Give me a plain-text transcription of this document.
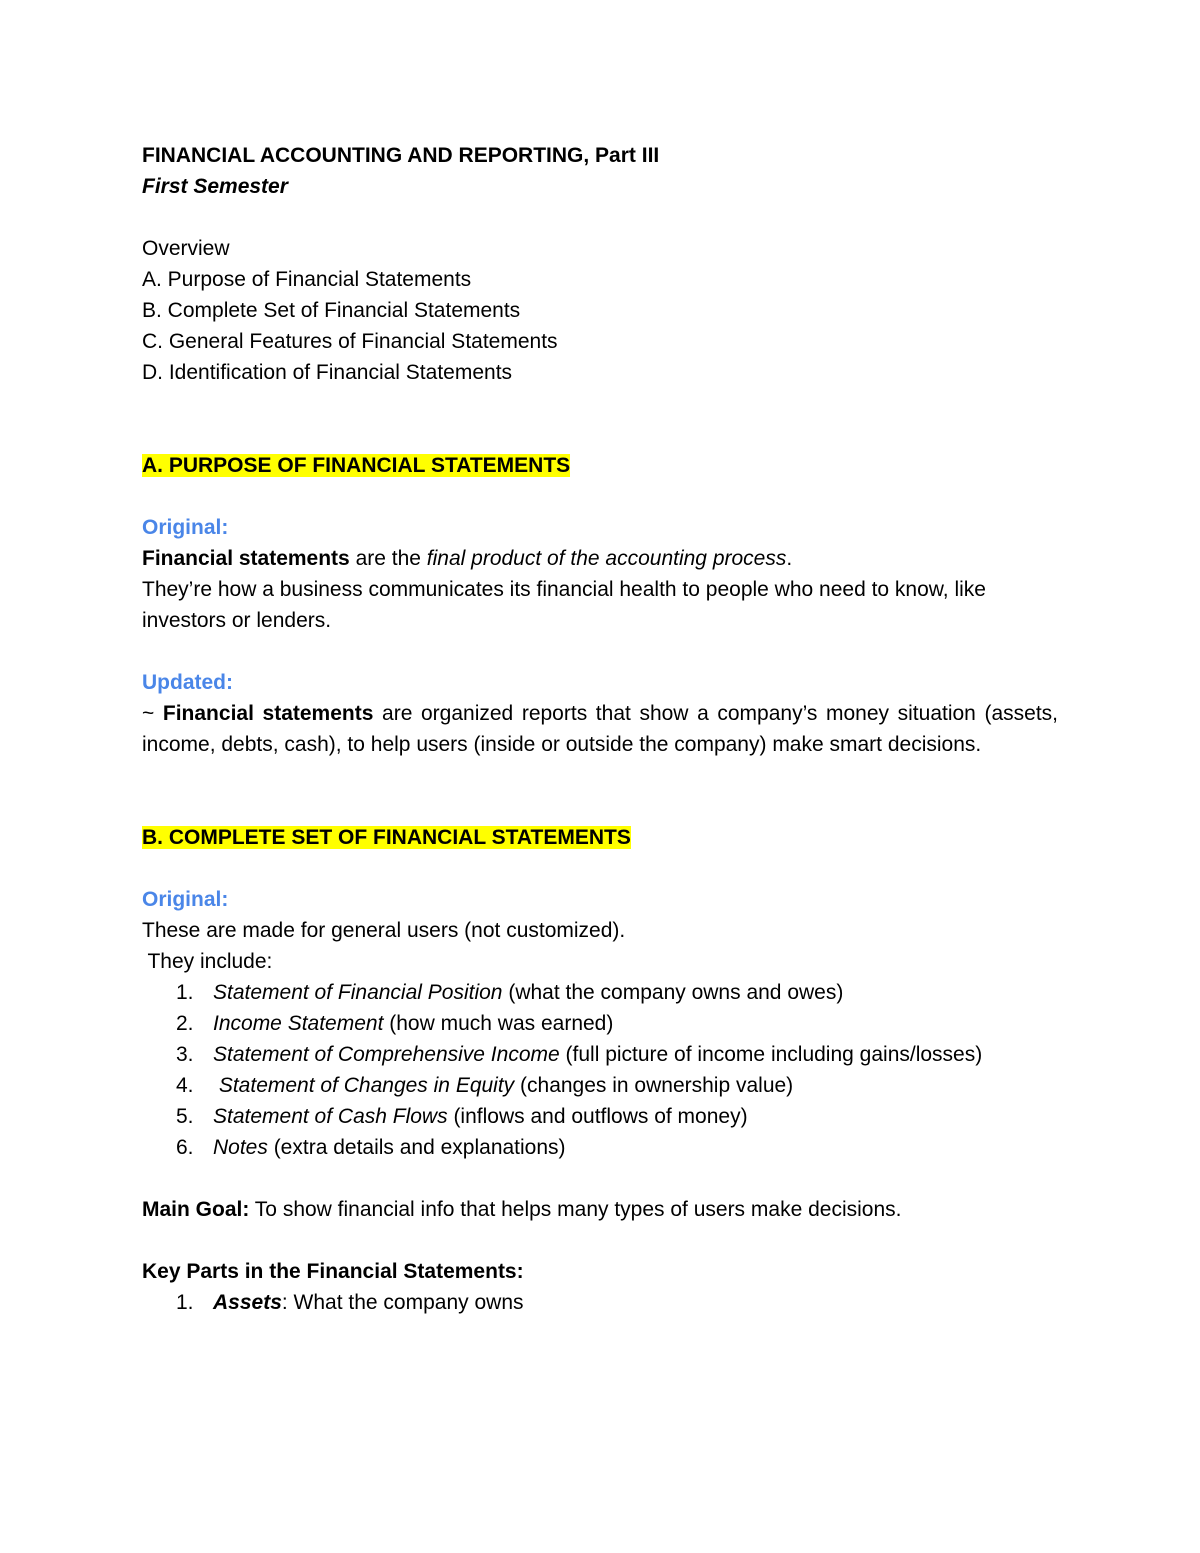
FINANCIAL ACCOUNTING AND REPORTING, Part III

First Semester

Overview

A. Purpose of Financial Statements

B. Complete Set of Financial Statements

C. General Features of Financial Statements

D. Identification of Financial Statements

A. PURPOSE OF FINANCIAL STATEMENTS

Original:

Financial statements are the final product of the accounting process.

They’re how a business communicates its financial health to people who need to know, like investors or lenders.

Updated:

~ Financial statements are organized reports that show a company’s money situation (assets, income, debts, cash), to help users (inside or outside the company) make smart decisions.

B. COMPLETE SET OF FINANCIAL STATEMENTS

Original:

These are made for general users (not customized).

They include:

1. Statement of Financial Position (what the company owns and owes)
2. Income Statement (how much was earned)
3. Statement of Comprehensive Income (full picture of income including gains/losses)
4. Statement of Changes in Equity (changes in ownership value)
5. Statement of Cash Flows (inflows and outflows of money)
6. Notes (extra details and explanations)

Main Goal: To show financial info that helps many types of users make decisions.

Key Parts in the Financial Statements:

1. Assets: What the company owns
